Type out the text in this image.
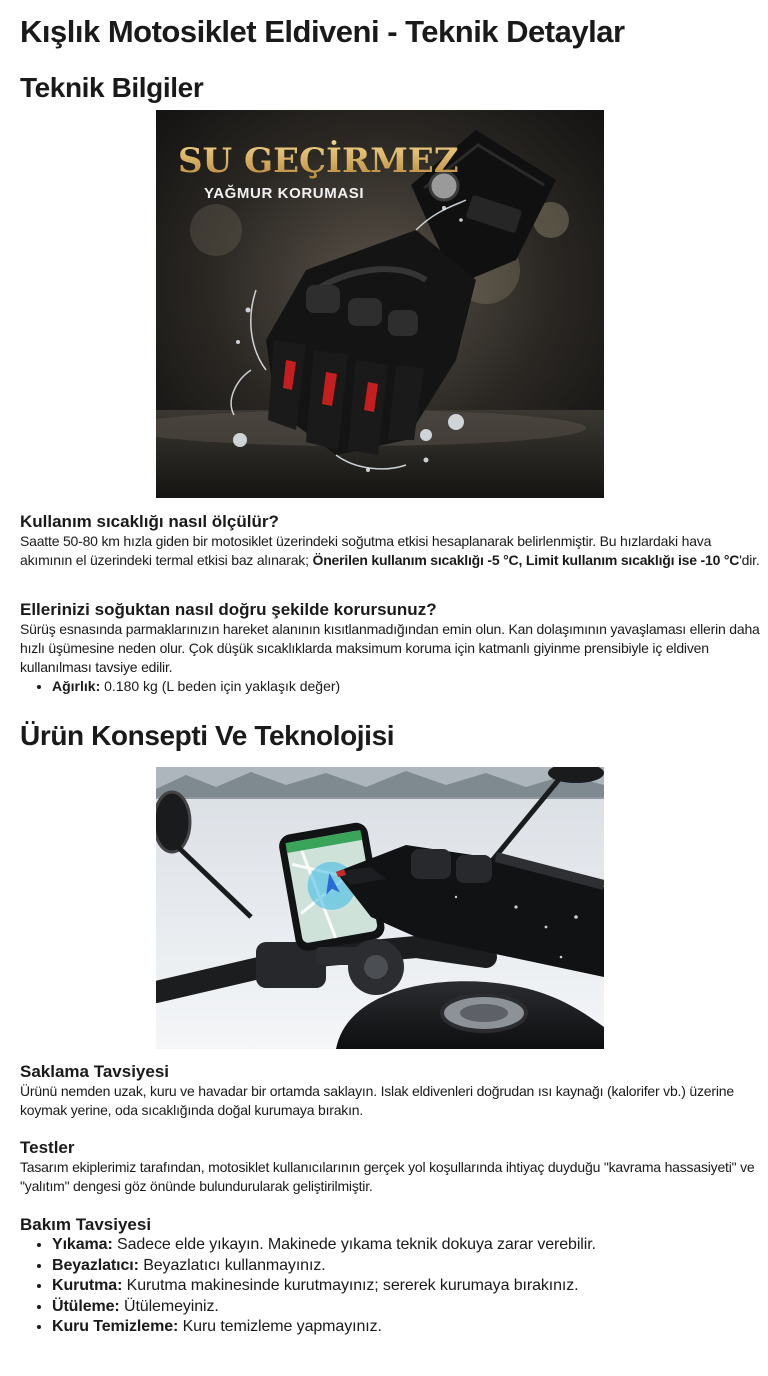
Kışlık Motosiklet Eldiveni - Teknik Detaylar
Teknik Bilgiler
SU GEÇİRMEZ
YAĞMUR KORUMASI
Kullanım sıcaklığı nasıl ölçülür?

Saatte 50-80 km hızla giden bir motosiklet üzerindeki soğutma etkisi hesaplanarak belirlenmiştir. Bu hızlardaki hava akımının el üzerindeki termal etkisi baz alınarak; Önerilen kullanım sıcaklığı -5 °C, Limit kullanım sıcaklığı ise -10 °C'dir.

Ellerinizi soğuktan nasıl doğru şekilde korursunuz?

Sürüş esnasında parmaklarınızın hareket alanının kısıtlanmadığından emin olun. Kan dolaşımının yavaşlaması ellerin daha hızlı üşümesine neden olur. Çok düşük sıcaklıklarda maksimum koruma için katmanlı giyinme prensibiyle iç eldiven kullanılması tavsiye edilir.

• Ağırlık: 0.180 kg (L beden için yaklaşık değer)
Ürün Konsepti Ve Teknolojisi
Saklama Tavsiyesi

Ürünü nemden uzak, kuru ve havadar bir ortamda saklayın. Islak eldivenleri doğrudan ısı kaynağı (kalorifer vb.) üzerine koymak yerine, oda sıcaklığında doğal kurumaya bırakın.

Testler

Tasarım ekiplerimiz tarafından, motosiklet kullanıcılarının gerçek yol koşullarında ihtiyaç duyduğu "kavrama hassasiyeti" ve "yalıtım" dengesi göz önünde bulundurularak geliştirilmiştir.

Bakım Tavsiyesi
• Yıkama: Sadece elde yıkayın. Makinede yıkama teknik dokuya zarar verebilir.
• Beyazlatıcı: Beyazlatıcı kullanmayınız.
• Kurutma: Kurutma makinesinde kurutmayınız; sererek kurumaya bırakınız.
• Ütüleme: Ütülemeyiniz.
• Kuru Temizleme: Kuru temizleme yapmayınız.
